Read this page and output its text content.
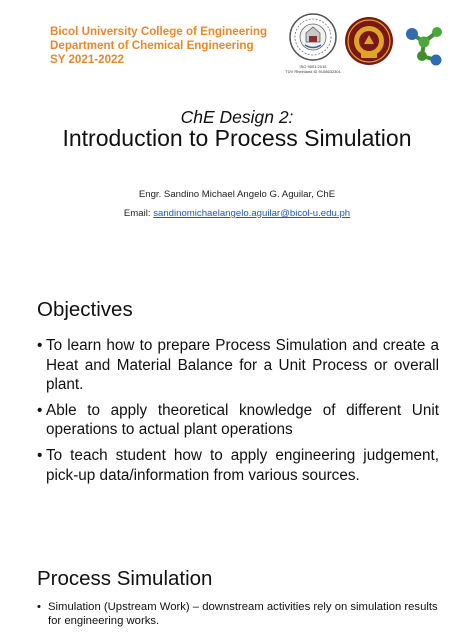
Bicol University College of Engineering
Department of Chemical Engineering
SY 2021-2022
ISO 9001:2015
TÜV Rheinland ID 9108632301
ChE Design 2:
Introduction to Process Simulation
Engr. Sandino Michael Angelo G. Aguilar, ChE
Email: sandinomichaelangelo.aguilar@bicol-u.edu.ph
Objectives
• To learn how to prepare Process Simulation and create a Heat and Material Balance for a Unit Process or overall plant.
• Able to apply theoretical knowledge of different Unit operations to actual plant operations
• To teach student how to apply engineering judgement, pick-up data/information from various sources.
Process Simulation
• Simulation (Upstream Work) – downstream activities rely on simulation results for engineering works.
